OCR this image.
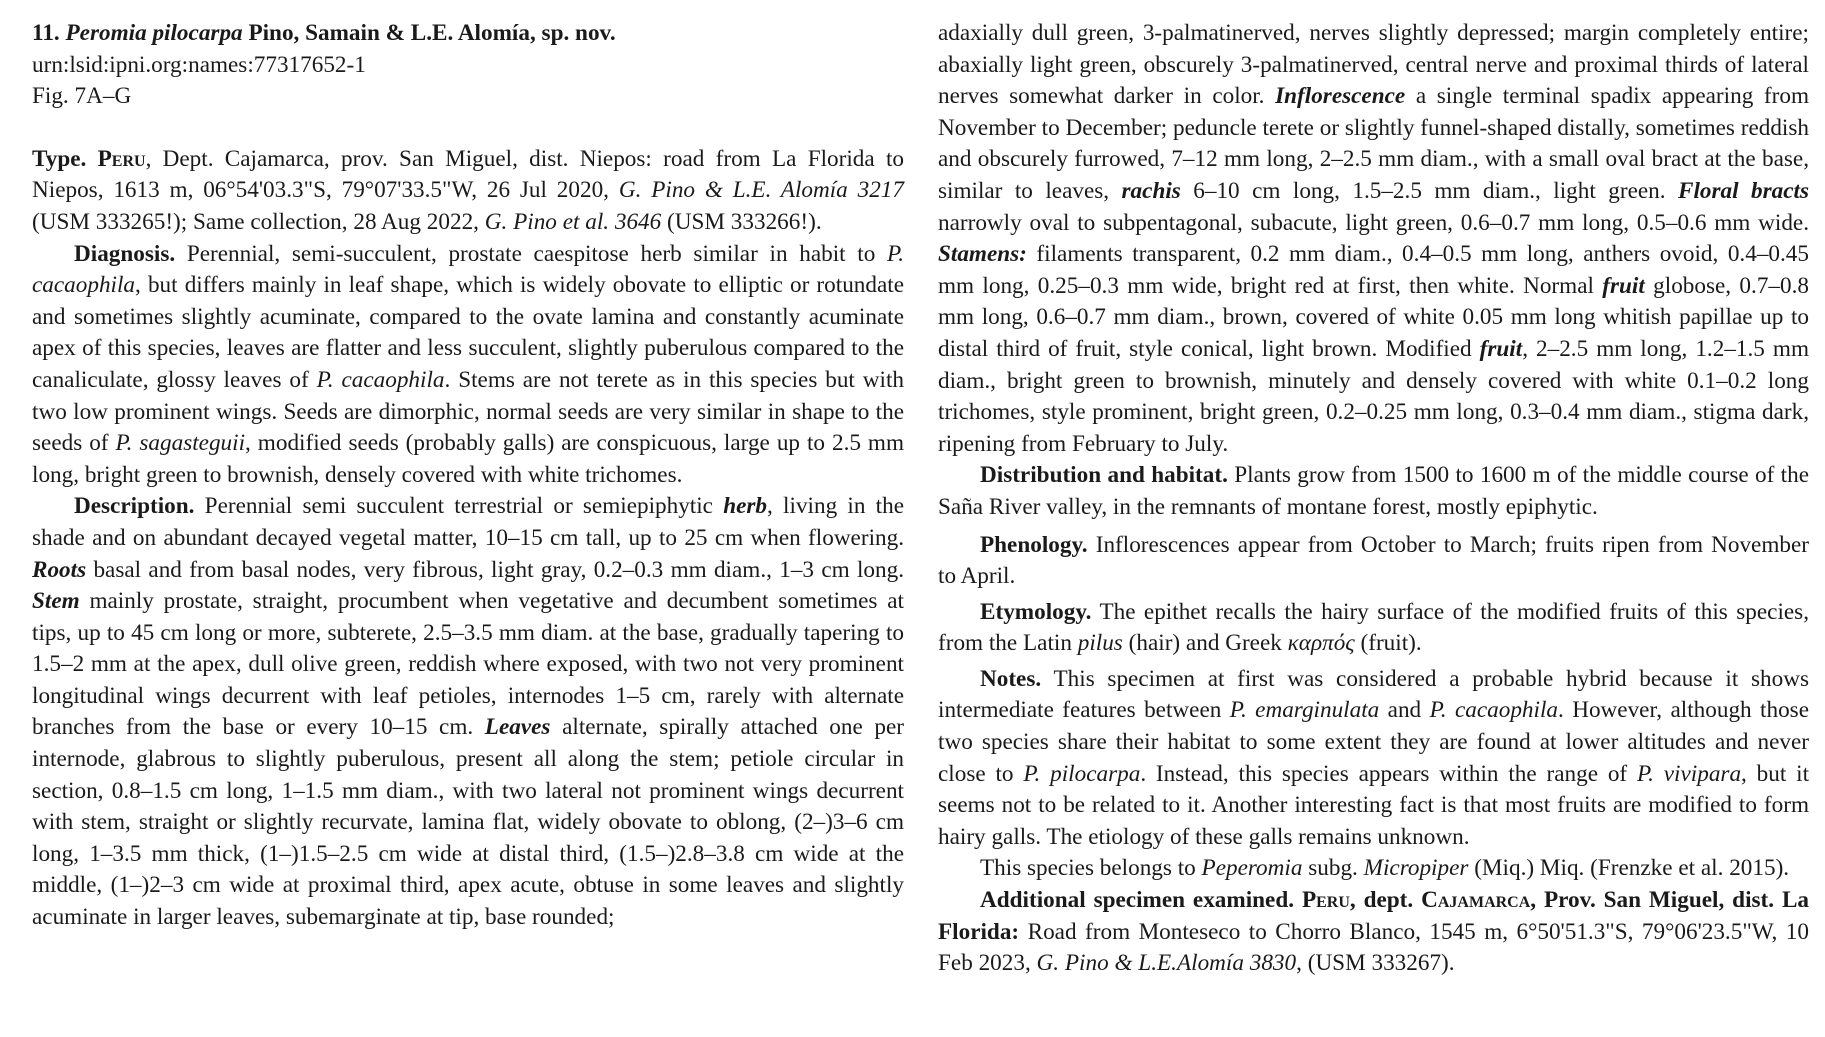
11. Peromia pilocarpa Pino, Samain & L.E. Alomía, sp. nov.

urn:lsid:ipni.org:names:77317652-1

Fig. 7A–G

Type. Peru, Dept. Cajamarca, prov. San Miguel, dist. Niepos: road from La Florida to Niepos, 1613 m, 06°54'03.3"S, 79°07'33.5"W, 26 Jul 2020, G. Pino & L.E. Alomía 3217 (USM 333265!); Same collection, 28 Aug 2022, G. Pino et al. 3646 (USM 333266!).

Diagnosis. Perennial, semi-succulent, prostate caespitose herb similar in habit to P. cacaophila, but differs mainly in leaf shape, which is widely obovate to elliptic or rotundate and sometimes slightly acuminate, compared to the ovate lamina and constantly acuminate apex of this species, leaves are flatter and less succulent, slightly puberulous compared to the canaliculate, glossy leaves of P. cacaophila. Stems are not terete as in this species but with two low prominent wings. Seeds are dimorphic, normal seeds are very similar in shape to the seeds of P. sagasteguii, modified seeds (probably galls) are conspicuous, large up to 2.5 mm long, bright green to brownish, densely covered with white trichomes.

Description. Perennial semi succulent terrestrial or semiepiphytic herb, living in the shade and on abundant decayed vegetal matter, 10–15 cm tall, up to 25 cm when flowering. Roots basal and from basal nodes, very fibrous, light gray, 0.2–0.3 mm diam., 1–3 cm long. Stem mainly prostate, straight, procumbent when vegetative and decumbent sometimes at tips, up to 45 cm long or more, subterete, 2.5–3.5 mm diam. at the base, gradually tapering to 1.5–2 mm at the apex, dull olive green, reddish where exposed, with two not very prominent longitudinal wings decurrent with leaf petioles, internodes 1–5 cm, rarely with alternate branches from the base or every 10–15 cm. Leaves alternate, spirally attached one per internode, glabrous to slightly puberulous, present all along the stem; petiole circular in section, 0.8–1.5 cm long, 1–1.5 mm diam., with two lateral not prominent wings decurrent with stem, straight or slightly recurvate, lamina flat, widely obovate to oblong, (2–)3–6 cm long, 1–3.5 mm thick, (1–)1.5–2.5 cm wide at distal third, (1.5–)2.8–3.8 cm wide at the middle, (1–)2–3 cm wide at proximal third, apex acute, obtuse in some leaves and slightly acuminate in larger leaves, subemarginate at tip, base rounded;

adaxially dull green, 3-palmatinerved, nerves slightly depressed; margin completely entire; abaxially light green, obscurely 3-palmatinerved, central nerve and proximal thirds of lateral nerves somewhat darker in color. Inflorescence a single terminal spadix appearing from November to December; peduncle terete or slightly funnel-shaped distally, sometimes reddish and obscurely furrowed, 7–12 mm long, 2–2.5 mm diam., with a small oval bract at the base, similar to leaves, rachis 6–10 cm long, 1.5–2.5 mm diam., light green. Floral bracts narrowly oval to subpentagonal, subacute, light green, 0.6–0.7 mm long, 0.5–0.6 mm wide. Stamens: filaments transparent, 0.2 mm diam., 0.4–0.5 mm long, anthers ovoid, 0.4–0.45 mm long, 0.25–0.3 mm wide, bright red at first, then white. Normal fruit globose, 0.7–0.8 mm long, 0.6–0.7 mm diam., brown, covered of white 0.05 mm long whitish papillae up to distal third of fruit, style conical, light brown. Modified fruit, 2–2.5 mm long, 1.2–1.5 mm diam., bright green to brownish, minutely and densely covered with white 0.1–0.2 long trichomes, style prominent, bright green, 0.2–0.25 mm long, 0.3–0.4 mm diam., stigma dark, ripening from February to July.

Distribution and habitat. Plants grow from 1500 to 1600 m of the middle course of the Saña River valley, in the remnants of montane forest, mostly epiphytic.

Phenology. Inflorescences appear from October to March; fruits ripen from November to April.

Etymology. The epithet recalls the hairy surface of the modified fruits of this species, from the Latin pilus (hair) and Greek καρπός (fruit).

Notes. This specimen at first was considered a probable hybrid because it shows intermediate features between P. emarginulata and P. cacaophila. However, although those two species share their habitat to some extent they are found at lower altitudes and never close to P. pilocarpa. Instead, this species appears within the range of P. vivipara, but it seems not to be related to it. Another interesting fact is that most fruits are modified to form hairy galls. The etiology of these galls remains unknown.

This species belongs to Peperomia subg. Micropiper (Miq.) Miq. (Frenzke et al. 2015).

Additional specimen examined. Peru, dept. Cajamarca, Prov. San Miguel, dist. La Florida: Road from Monteseco to Chorro Blanco, 1545 m, 6°50'51.3"S, 79°06'23.5"W, 10 Feb 2023, G. Pino & L.E.Alomía 3830, (USM 333267).
